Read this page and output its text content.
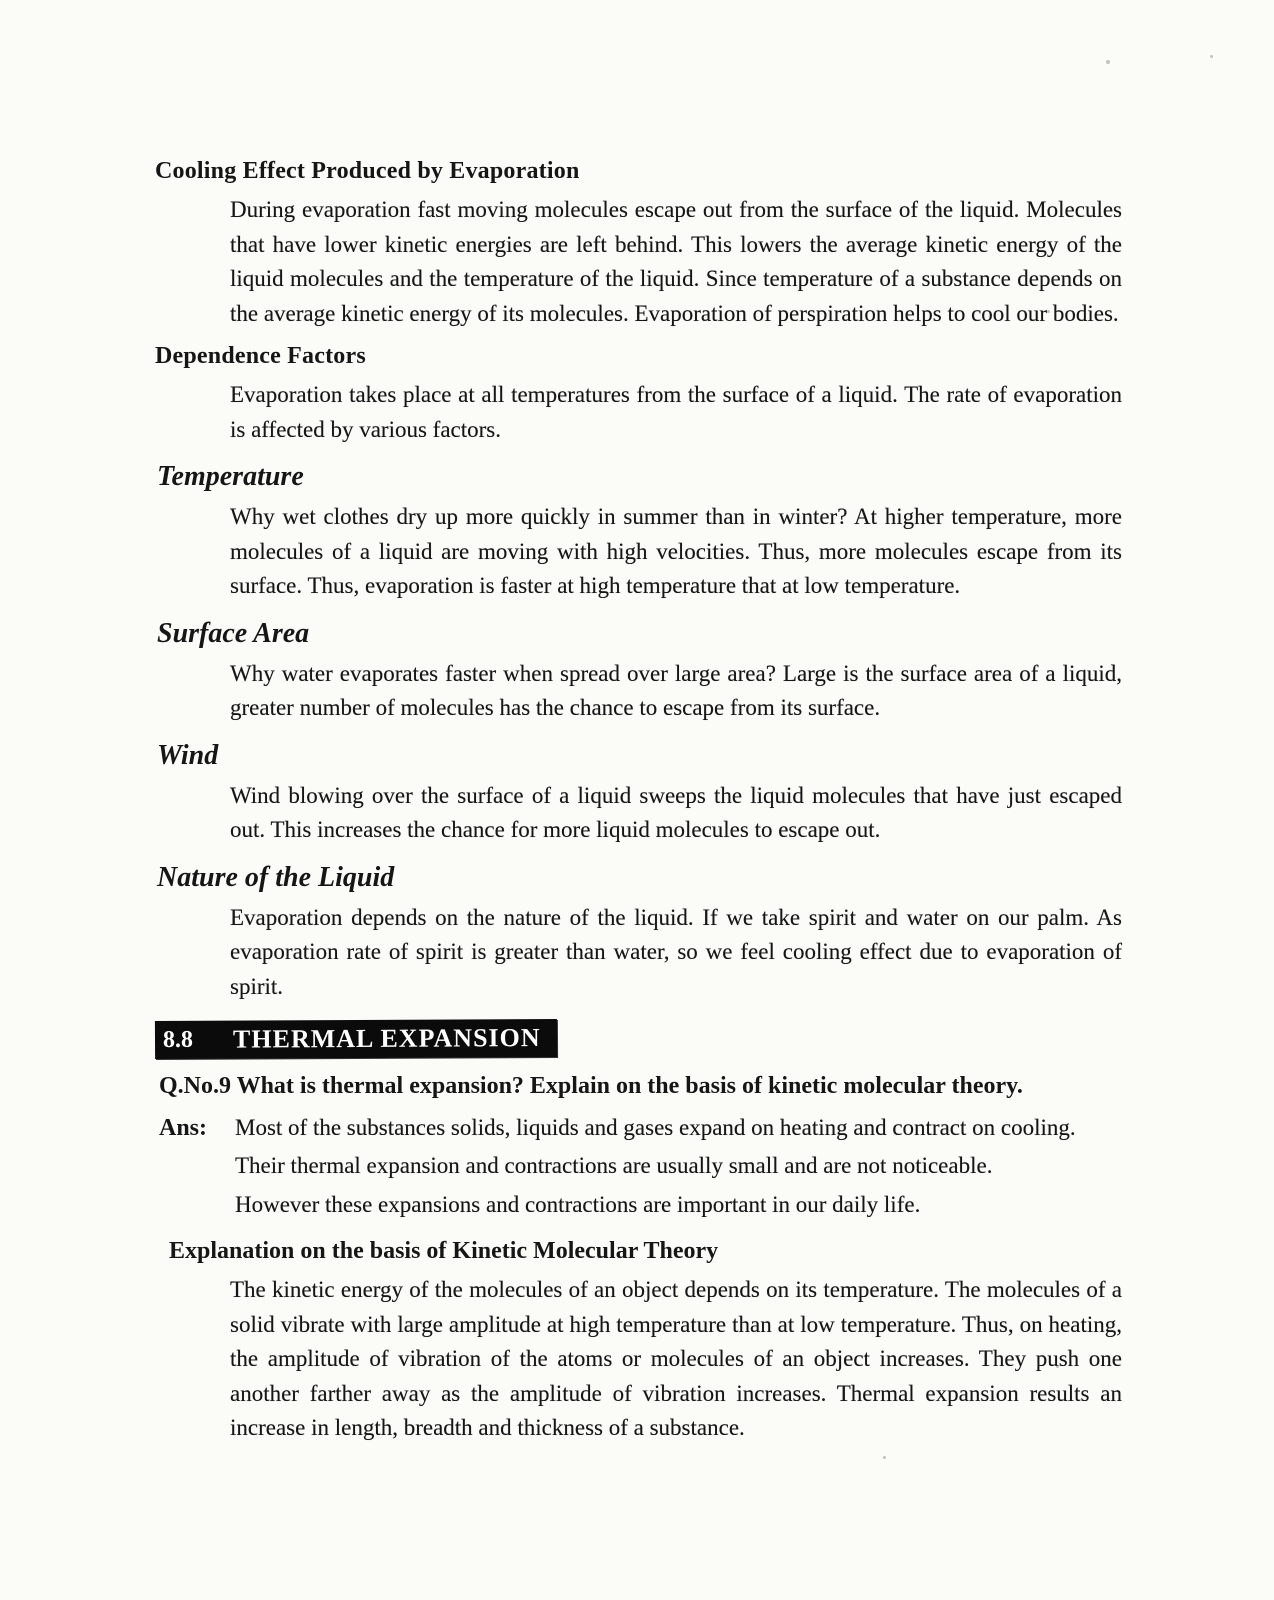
Cooling Effect Produced by Evaporation
During evaporation fast moving molecules escape out from the surface of the liquid. Molecules that have lower kinetic energies are left behind. This lowers the average kinetic energy of the liquid molecules and the temperature of the liquid. Since temperature of a substance depends on the average kinetic energy of its molecules. Evaporation of perspiration helps to cool our bodies.
Dependence Factors
Evaporation takes place at all temperatures from the surface of a liquid. The rate of evaporation is affected by various factors.
Temperature
Why wet clothes dry up more quickly in summer than in winter? At higher temperature, more molecules of a liquid are moving with high velocities. Thus, more molecules escape from its surface. Thus, evaporation is faster at high temperature that at low temperature.
Surface Area
Why water evaporates faster when spread over large area? Large is the surface area of a liquid, greater number of molecules has the chance to escape from its surface.
Wind
Wind blowing over the surface of a liquid sweeps the liquid molecules that have just escaped out. This increases the chance for more liquid molecules to escape out.
Nature of the Liquid
Evaporation depends on the nature of the liquid. If we take spirit and water on our palm. As evaporation rate of spirit is greater than water, so we feel cooling effect due to evaporation of spirit.
8.8 THERMAL EXPANSION
Q.No.9 What is thermal expansion? Explain on the basis of kinetic molecular theory.
Ans:	Most of the substances solids, liquids and gases expand on heating and contract on cooling.
Their thermal expansion and contractions are usually small and are not noticeable.
However these expansions and contractions are important in our daily life.
Explanation on the basis of Kinetic Molecular Theory
The kinetic energy of the molecules of an object depends on its temperature. The molecules of a solid vibrate with large amplitude at high temperature than at low temperature. Thus, on heating, the amplitude of vibration of the atoms or molecules of an object increases. They push one another farther away as the amplitude of vibration increases. Thermal expansion results an increase in length, breadth and thickness of a substance.
